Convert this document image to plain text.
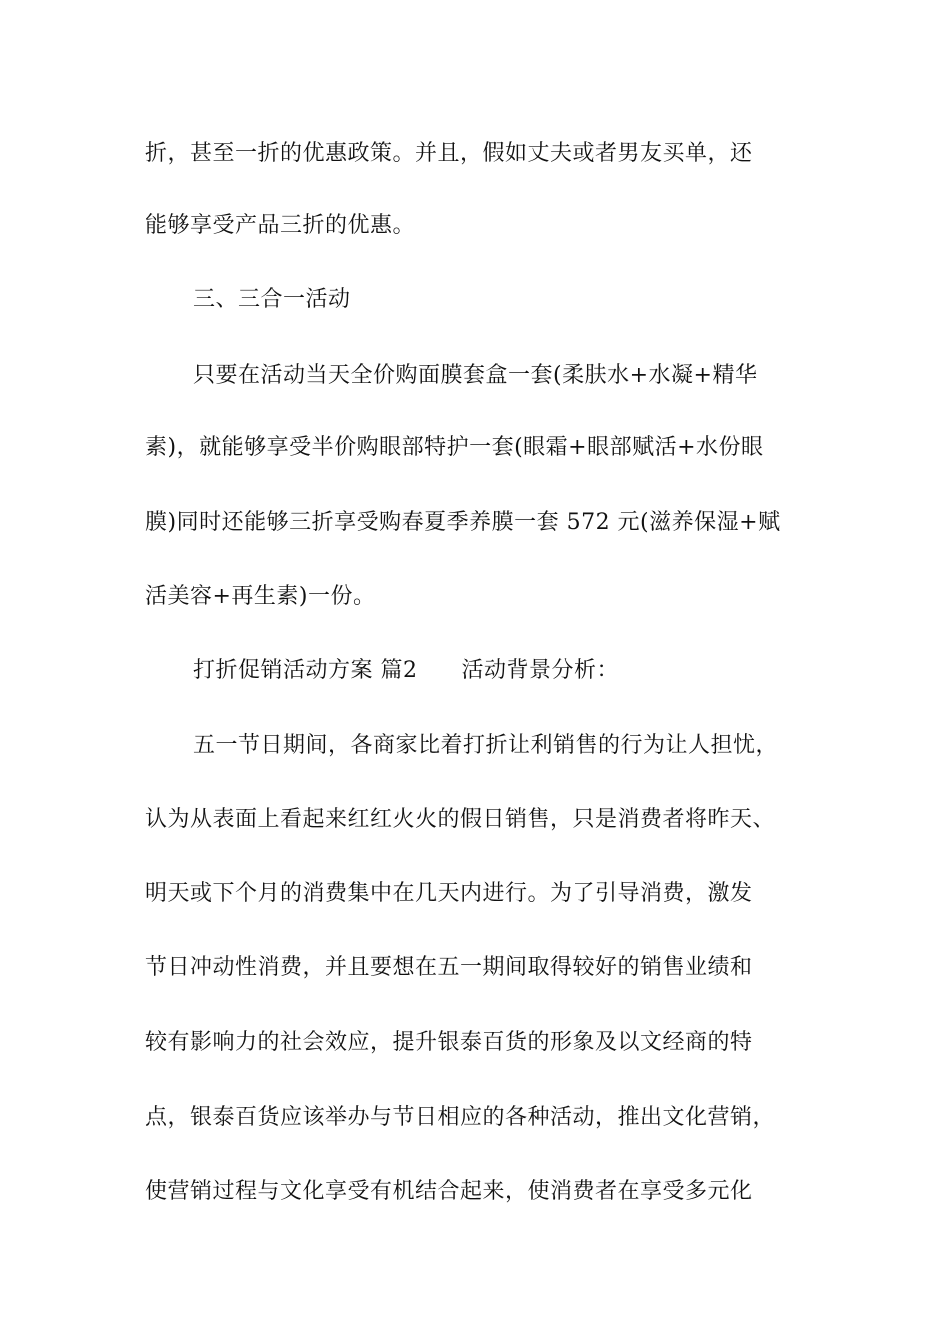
折，甚至一折的优惠政策。并且，假如丈夫或者男友买单，还
能够享受产品三折的优惠。
三、三合一活动
只要在活动当天全价购面膜套盒一套(柔肤水+水凝+精华
素)，就能够享受半价购眼部特护一套(眼霜+眼部赋活+水份眼
膜)同时还能够三折享受购春夏季养膜一套 572 元(滋养保湿+赋
活美容+再生素)一份。
打折促销活动方案 篇2 活动背景分析：
五一节日期间，各商家比着打折让利销售的行为让人担忧，
认为从表面上看起来红红火火的假日销售，只是消费者将昨天、
明天或下个月的消费集中在几天内进行。为了引导消费，激发
节日冲动性消费，并且要想在五一期间取得较好的销售业绩和
较有影响力的社会效应，提升银泰百货的形象及以文经商的特
点，银泰百货应该举办与节日相应的各种活动，推出文化营销，
使营销过程与文化享受有机结合起来，使消费者在享受多元化
